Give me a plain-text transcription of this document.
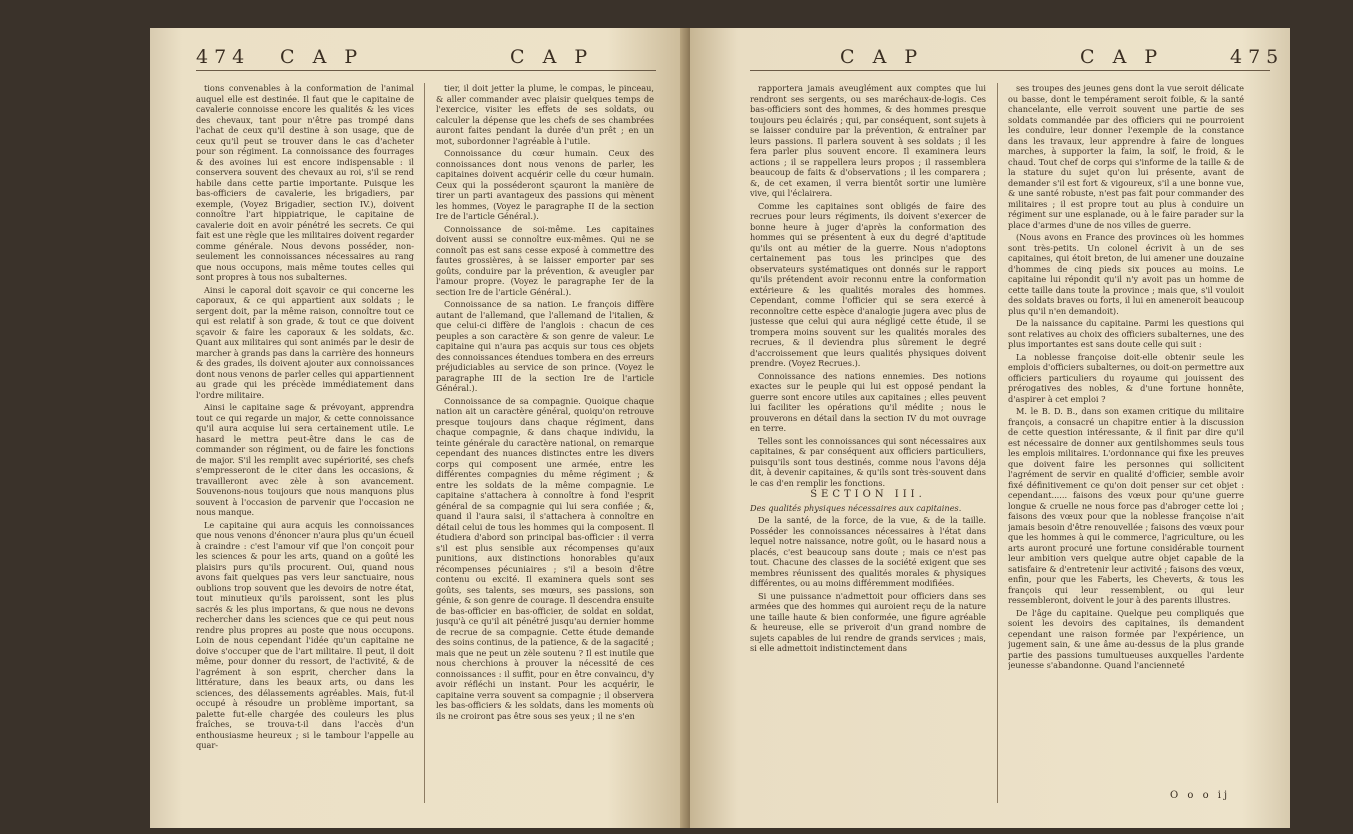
474 C A P	C A P

tions convenables à la conformation de l'animal auquel elle est destinée. Il faut que le capitaine de cavalerie connoisse encore les qualités & les vices des chevaux, tant pour n'être pas trompé dans l'achat de ceux qu'il destine à son usage, que de ceux qu'il peut se trouver dans le cas d'acheter pour son régiment. La connoissance des fourrages & des avoines lui est encore indispensable : il conservera souvent des chevaux au roi, s'il se rend habile dans cette partie importante. Puisque les bas-officiers de cavalerie, les brigadiers, par exemple, (Voyez Brigadier, section IV.), doivent connoître l'art hippiatrique, le capitaine de cavalerie doit en avoir pénétré les secrets. Ce qui fait est une règle que les militaires doivent regarder comme générale. Nous devons posséder, non-seulement les connoissances nécessaires au rang que nous occupons, mais même toutes celles qui sont propres à tous nos subalternes.

Ainsi le caporal doit sçavoir ce qui concerne les caporaux, & ce qui appartient aux soldats ; le sergent doit, par la même raison, connoître tout ce qui est relatif à son grade, & tout ce que doivent sçavoir & faire les caporaux & les soldats, &c. Quant aux militaires qui sont animés par le desir de marcher à grands pas dans la carrière des honneurs & des grades, ils doivent ajouter aux connoissances dont nous venons de parler celles qui appartiennent au grade qui les précède immédiatement dans l'ordre militaire.

Ainsi le capitaine sage & prévoyant, apprendra tout ce qui regarde un major, & cette connoissance qu'il aura acquise lui sera certainement utile. Le hasard le mettra peut-être dans le cas de commander son régiment, ou de faire les fonctions de major. S'il les remplit avec supériorité, ses chefs s'empresseront de le citer dans les occasions, & travailleront avec zèle à son avancement. Souvenons-nous toujours que nous manquons plus souvent à l'occasion de parvenir que l'occasion ne nous manque.

Le capitaine qui aura acquis les connoissances que nous venons d'énoncer n'aura plus qu'un écueil à craindre : c'est l'amour vif que l'on conçoit pour les sciences & pour les arts, quand on a goûté les plaisirs purs qu'ils procurent. Oui, quand nous avons fait quelques pas vers leur sanctuaire, nous oublions trop souvent que les devoirs de notre état, tout minutieux qu'ils paroissent, sont les plus sacrés & les plus importans, & que nous ne devons rechercher dans les sciences que ce qui peut nous rendre plus propres au poste que nous occupons. Loin de nous cependant l'idée qu'un capitaine ne doive s'occuper que de l'art militaire. Il peut, il doit même, pour donner du ressort, de l'activité, & de l'agrément à son esprit, chercher dans la littérature, dans les beaux arts, ou dans les sciences, des délassements agréables. Mais, fut-il occupé à résoudre un problème important, sa palette fut-elle chargée des couleurs les plus fraîches, se trouva-t-il dans l'accès d'un enthousiasme heureux ; si le tambour l'appelle au quar-

tier, il doit jetter la plume, le compas, le pinceau, & aller commander avec plaisir quelques temps de l'exercice, visiter les effets de ses soldats, ou calculer la dépense que les chefs de ses chambrées auront faites pendant la durée d'un prêt ; en un mot, subordonner l'agréable à l'utile.

Connoissance du cœur humain. Ceux des connoissances dont nous venons de parler, les capitaines doivent acquérir celle du cœur humain. Ceux qui la posséderont sçauront la manière de tirer un parti avantageux des passions qui mènent les hommes, (Voyez le paragraphe II de la section Ire de l'article Général.).

Connoissance de soi-même. Les capitaines doivent aussi se connoître eux-mêmes. Qui ne se connoît pas est sans cesse exposé à commettre des fautes grossières, à se laisser emporter par ses goûts, conduire par la prévention, & aveugler par l'amour propre. (Voyez le paragraphe Ier de la section Ire de l'article Général.).

Connoissance de sa nation. Le françois diffère autant de l'allemand, que l'allemand de l'italien, & que celui-ci diffère de l'anglois : chacun de ces peuples a son caractère & son genre de valeur. Le capitaine qui n'aura pas acquis sur tous ces objets des connoissances étendues tombera en des erreurs préjudiciables au service de son prince. (Voyez le paragraphe III de la section Ire de l'article Général.).

Connoissance de sa compagnie. Quoique chaque nation ait un caractère général, quoiqu'on retrouve presque toujours dans chaque régiment, dans chaque compagnie, & dans chaque individu, la teinte générale du caractère national, on remarque cependant des nuances distinctes entre les divers corps qui composent une armée, entre les différentes compagnies du même régiment ; & entre les soldats de la même compagnie. Le capitaine s'attachera à connoître à fond l'esprit général de sa compagnie qui lui sera confiée ; &, quand il l'aura saisi, il s'attachera à connoître en détail celui de tous les hommes qui la composent. Il étudiera d'abord son principal bas-officier : il verra s'il est plus sensible aux récompenses qu'aux punitions, aux distinctions honorables qu'aux récompenses pécuniaires ; s'il a besoin d'être contenu ou excité. Il examinera quels sont ses goûts, ses talents, ses mœurs, ses passions, son génie, & son genre de courage. Il descendra ensuite de bas-officier en bas-officier, de soldat en soldat, jusqu'à ce qu'il ait pénétré jusqu'au dernier homme de recrue de sa compagnie. Cette étude demande des soins continus, de la patience, & de la sagacité ; mais que ne peut un zèle soutenu ? Il est inutile que nous cherchions à prouver la nécessité de ces connoissances : il suffit, pour en être convaincu, d'y avoir réfléchi un instant. Pour les acquérir, le capitaine verra souvent sa compagnie ; il observera les bas-officiers & les soldats, dans les moments où ils ne croiront pas être sous ses yeux ; il ne s'en

C A P	C A P	475

rapportera jamais aveuglément aux comptes que lui rendront ses sergents, ou ses maréchaux-de-logis. Ces bas-officiers sont des hommes, & des hommes presque toujours peu éclairés ; qui, par conséquent, sont sujets à se laisser conduire par la prévention, & entraîner par leurs passions. Il parlera souvent à ses soldats ; il les fera parler plus souvent encore. Il examinera leurs actions ; il se rappellera leurs propos ; il rassemblera beaucoup de faits & d'observations ; il les comparera ; &, de cet examen, il verra bientôt sortir une lumière vive, qui l'éclairera.

Comme les capitaines sont obligés de faire des recrues pour leurs régiments, ils doivent s'exercer de bonne heure à juger d'après la conformation des hommes qui se présentent à eux du degré d'aptitude qu'ils ont au métier de la guerre. Nous n'adoptons certainement pas tous les principes que des observateurs systématiques ont donnés sur le rapport qu'ils prétendent avoir reconnu entre la conformation extérieure & les qualités morales des hommes. Cependant, comme l'officier qui se sera exercé à reconnoître cette espèce d'analogie jugera avec plus de justesse que celui qui aura négligé cette étude, il se trompera moins souvent sur les qualités morales des recrues, & il deviendra plus sûrement le degré d'accroissement que leurs qualités physiques doivent prendre. (Voyez Recrues.).

Connoissance des nations ennemies. Des notions exactes sur le peuple qui lui est opposé pendant la guerre sont encore utiles aux capitaines ; elles peuvent lui faciliter les opérations qu'il médite ; nous le prouverons en détail dans la section IV du mot ouvrage en terre.

Telles sont les connoissances qui sont nécessaires aux capitaines, & par conséquent aux officiers particuliers, puisqu'ils sont tous destinés, comme nous l'avons déja dit, à devenir capitaines, & qu'ils sont très-souvent dans le cas d'en remplir les fonctions.

SECTION III.

Des qualités physiques nécessaires aux capitaines.

De la santé, de la force, de la vue, & de la taille. Posséder les connoissances nécessaires à l'état dans lequel notre naissance, notre goût, ou le hasard nous a placés, c'est beaucoup sans doute ; mais ce n'est pas tout. Chacune des classes de la société exigent que ses membres réunissent des qualités morales & physiques différentes, ou au moins différemment modifiées.

Si une puissance n'admettoit pour officiers dans ses armées que des hommes qui auroient reçu de la nature une taille haute & bien conformée, une figure agréable & heureuse, elle se priveroit d'un grand nombre de sujets capables de lui rendre de grands services ; mais, si elle admettoit indistinctement dans

ses troupes des jeunes gens dont la vue seroit délicate ou basse, dont le tempérament seroit foible, & la santé chancelante, elle verroit souvent une partie de ses soldats commandée par des officiers qui ne pourroient les conduire, leur donner l'exemple de la constance dans les travaux, leur apprendre à faire de longues marches, à supporter la faim, la soif, le froid, & le chaud. Tout chef de corps qui s'informe de la taille & de la stature du sujet qu'on lui présente, avant de demander s'il est fort & vigoureux, s'il a une bonne vue, & une santé robuste, n'est pas fait pour commander des militaires ; il est propre tout au plus à conduire un régiment sur une esplanade, ou à le faire parader sur la place d'armes d'une de nos villes de guerre.

(Nous avons en France des provinces où les hommes sont très-petits. Un colonel écrivit à un de ses capitaines, qui étoit breton, de lui amener une douzaine d'hommes de cinq pieds six pouces au moins. Le capitaine lui répondit qu'il n'y avoit pas un homme de cette taille dans toute la province ; mais que, s'il vouloit des soldats braves ou forts, il lui en ameneroit beaucoup plus qu'il n'en demandoit).

De la naissance du capitaine. Parmi les questions qui sont relatives au choix des officiers subalternes, une des plus importantes est sans doute celle qui suit :

La noblesse françoise doit-elle obtenir seule les emplois d'officiers subalternes, ou doit-on permettre aux officiers particuliers du royaume qui jouissent des prérogatives des nobles, & d'une fortune honnête, d'aspirer à cet emploi ?

M. le B. D. B., dans son examen critique du militaire françois, a consacré un chapitre entier à la discussion de cette question intéressante, & il finit par dire qu'il est nécessaire de donner aux gentilshommes seuls tous les emplois militaires. L'ordonnance qui fixe les preuves que doivent faire les personnes qui sollicitent l'agrément de servir en qualité d'officier, semble avoir fixé définitivement ce qu'on doit penser sur cet objet : cependant...... faisons des vœux pour qu'une guerre longue & cruelle ne nous force pas d'abroger cette loi ; faisons des vœux pour que la noblesse françoise n'ait jamais besoin d'être renouvellée ; faisons des vœux pour que les hommes à qui le commerce, l'agriculture, ou les arts auront procuré une fortune considérable tournent leur ambition vers quelque autre objet capable de la satisfaire & d'entretenir leur activité ; faisons des vœux, enfin, pour que les Faberts, les Cheverts, & tous les françois qui leur ressemblent, ou qui leur ressembleront, doivent le jour à des parents illustres.

De l'âge du capitaine. Quelque peu compliqués que soient les devoirs des capitaines, ils demandent cependant une raison formée par l'expérience, un jugement sain, & une âme au-dessus de la plus grande partie des passions tumultueuses auxquelles l'ardente jeunesse s'abandonne. Quand l'ancienneté

O o o ij
